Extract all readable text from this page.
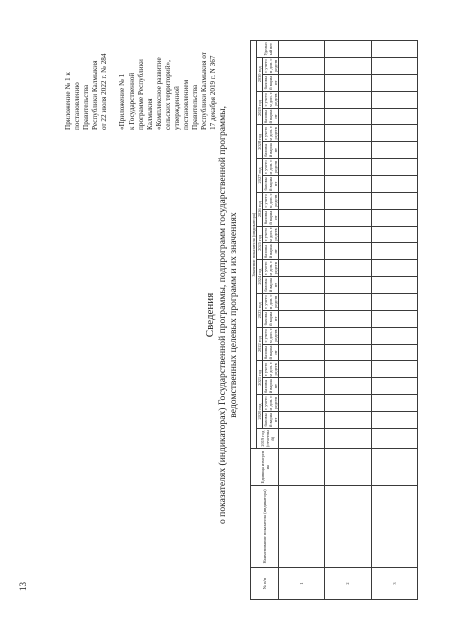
13
Приложение № 1 к постановлению Правительства Республики Калмыкия от 22 июля 2022 г. № 284 «Приложение № 1 к Государственной программе Республики Калмыкия «Комплексное развитие сельских территорий», утвержденной постановлением Правительства Республики Калмыкия от 17 декабря 2019 г. N 367
Сведения о показателях (индикаторах) Государственной программы, подпрограмм государственной программы, ведомственных целевых программ и их значениях
№ п/п	Наименование показателя (индикатора)	Единица измерения	Значение показателя (индикатора)																							

			2019 год (отчетный)	2020 год		2021 год		2022 год		2023 год		2024 год		2025 год		2026 год		2027 год		2028 год		2029 год		2030 год		Удельный вес
				базовый вариант	с учетом доп. средств	базовый вариант	с учетом доп. средств	базовый вариант	с учетом доп. средств	базовый вариант	с учетом доп. средств	базовый вариант	с учетом доп. средств	базовый вариант	с учетом доп. средств	базовый вариант	с учетом доп. средств	базовый вариант	с учетом доп. средств	базовый вариант	с учетом доп. средств	базовый вариант	с учетом доп. средств	базовый вариант	с учетом доп. средств	
1																										
2																										
3																										
